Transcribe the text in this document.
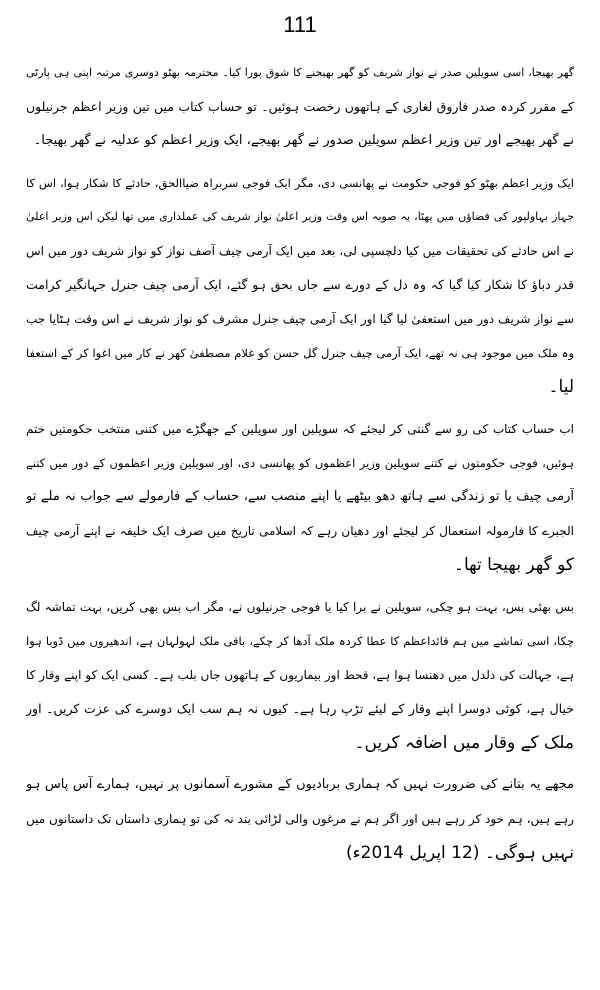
111
گھر بھیجا، اسی سویلین صدر نے نواز شریف کو گھر بھیجنے کا شوق پورا کیا۔ محترمہ بھٹو دوسری مرتبہ اپنی ہی پارٹی
کے مقرر کردہ صدر فاروق لغاری کے ہاتھوں رخصت ہوئیں۔ تو حساب کتاب میں تین وزیر اعظم جرنیلوں
نے گھر بھیجے اور تین وزیر اعظم سویلین صدور نے گھر بھیجے، ایک وزیر اعظم کو عدلیہ نے گھر بھیجا۔
ایک وزیر اعظم بھٹو کو فوجی حکومت نے پھانسی دی، مگر ایک فوجی سربراہ ضیاالحق، حادثے کا شکار ہوا، اس کا
جہاز بہاولپور کی فضاؤں میں پھٹا، یہ صوبہ اس وقت وزیر اعلیٰ نواز شریف کی عملداری میں تھا لیکن اس وزیر اعلیٰ
نے اس حادثے کی تحقیقات میں کیا دلچسپی لی، بعد میں ایک آرمی چیف آصف نواز کو نواز شریف دور میں اس
قدر دباؤ کا شکار کیا گیا کہ وہ دل کے دورے سے جاں بحق ہو گئے، ایک آرمی چیف جنرل جہانگیر کرامت
سے نواز شریف دور میں استعفیٰ لیا گیا اور ایک آرمی چیف جنرل مشرف کو نواز شریف نے اس وقت ہٹایا جب
وہ ملک میں موجود ہی نہ تھے، ایک آرمی چیف جنرل گل حسن کو غلام مصطفیٰ کھر نے کار میں اغوا کر کے استعفا
لیا۔
اب حساب کتاب کی رو سے گنتی کر لیجئے کہ سویلین اور سویلین کے جھگڑے میں کتنی منتخب حکومتیں ختم
ہوئیں، فوجی حکومتوں نے کتنے سویلین وزیر اعظموں کو پھانسی دی، اور سویلین وزیر اعظموں کے دور میں کتنے
آرمی چیف یا تو زندگی سے ہاتھ دھو بیٹھے یا اپنے منصب سے، حساب کے فارمولے سے جواب نہ ملے تو
الجبرے کا فارمولہ استعمال کر لیجئے اور دھیان رہے کہ اسلامی تاریخ میں صرف ایک خلیفہ نے اپنے آرمی چیف
کو گھر بھیجا تھا۔
بس بھئی بس، بہت ہو چکی، سویلین نے برا کیا یا فوجی جرنیلوں نے، مگر اب بس بھی کریں، بہت تماشہ لگ
چکا، اسی تماشے میں ہم قائداعظم کا عطا کردہ ملک آدھا کر چکے، باقی ملک لہولہان ہے، اندھیروں میں ڈوبا ہوا
ہے، جہالت کی دلدل میں دھنسا ہوا ہے، قحط اور بیماریوں کے ہاتھوں جاں بلب ہے۔ کسی ایک کو اپنے وقار کا
خیال ہے، کوئی دوسرا اپنے وقار کے لیئے تڑپ رہا ہے۔ کیوں نہ ہم سب ایک دوسرے کی عزت کریں۔ اور
ملک کے وقار میں اضافہ کریں۔
مجھے یہ بتانے کی ضرورت نہیں کہ ہماری بربادیوں کے مشورے آسمانوں پر نہیں، ہمارے آس پاس ہو
رہے ہیں، ہم خود کر رہے ہیں اور اگر ہم نے مرغوں والی لڑائی بند نہ کی تو ہماری داستاں تک داستانوں میں
نہیں ہوگی۔ (12 اپریل 2014ء)
